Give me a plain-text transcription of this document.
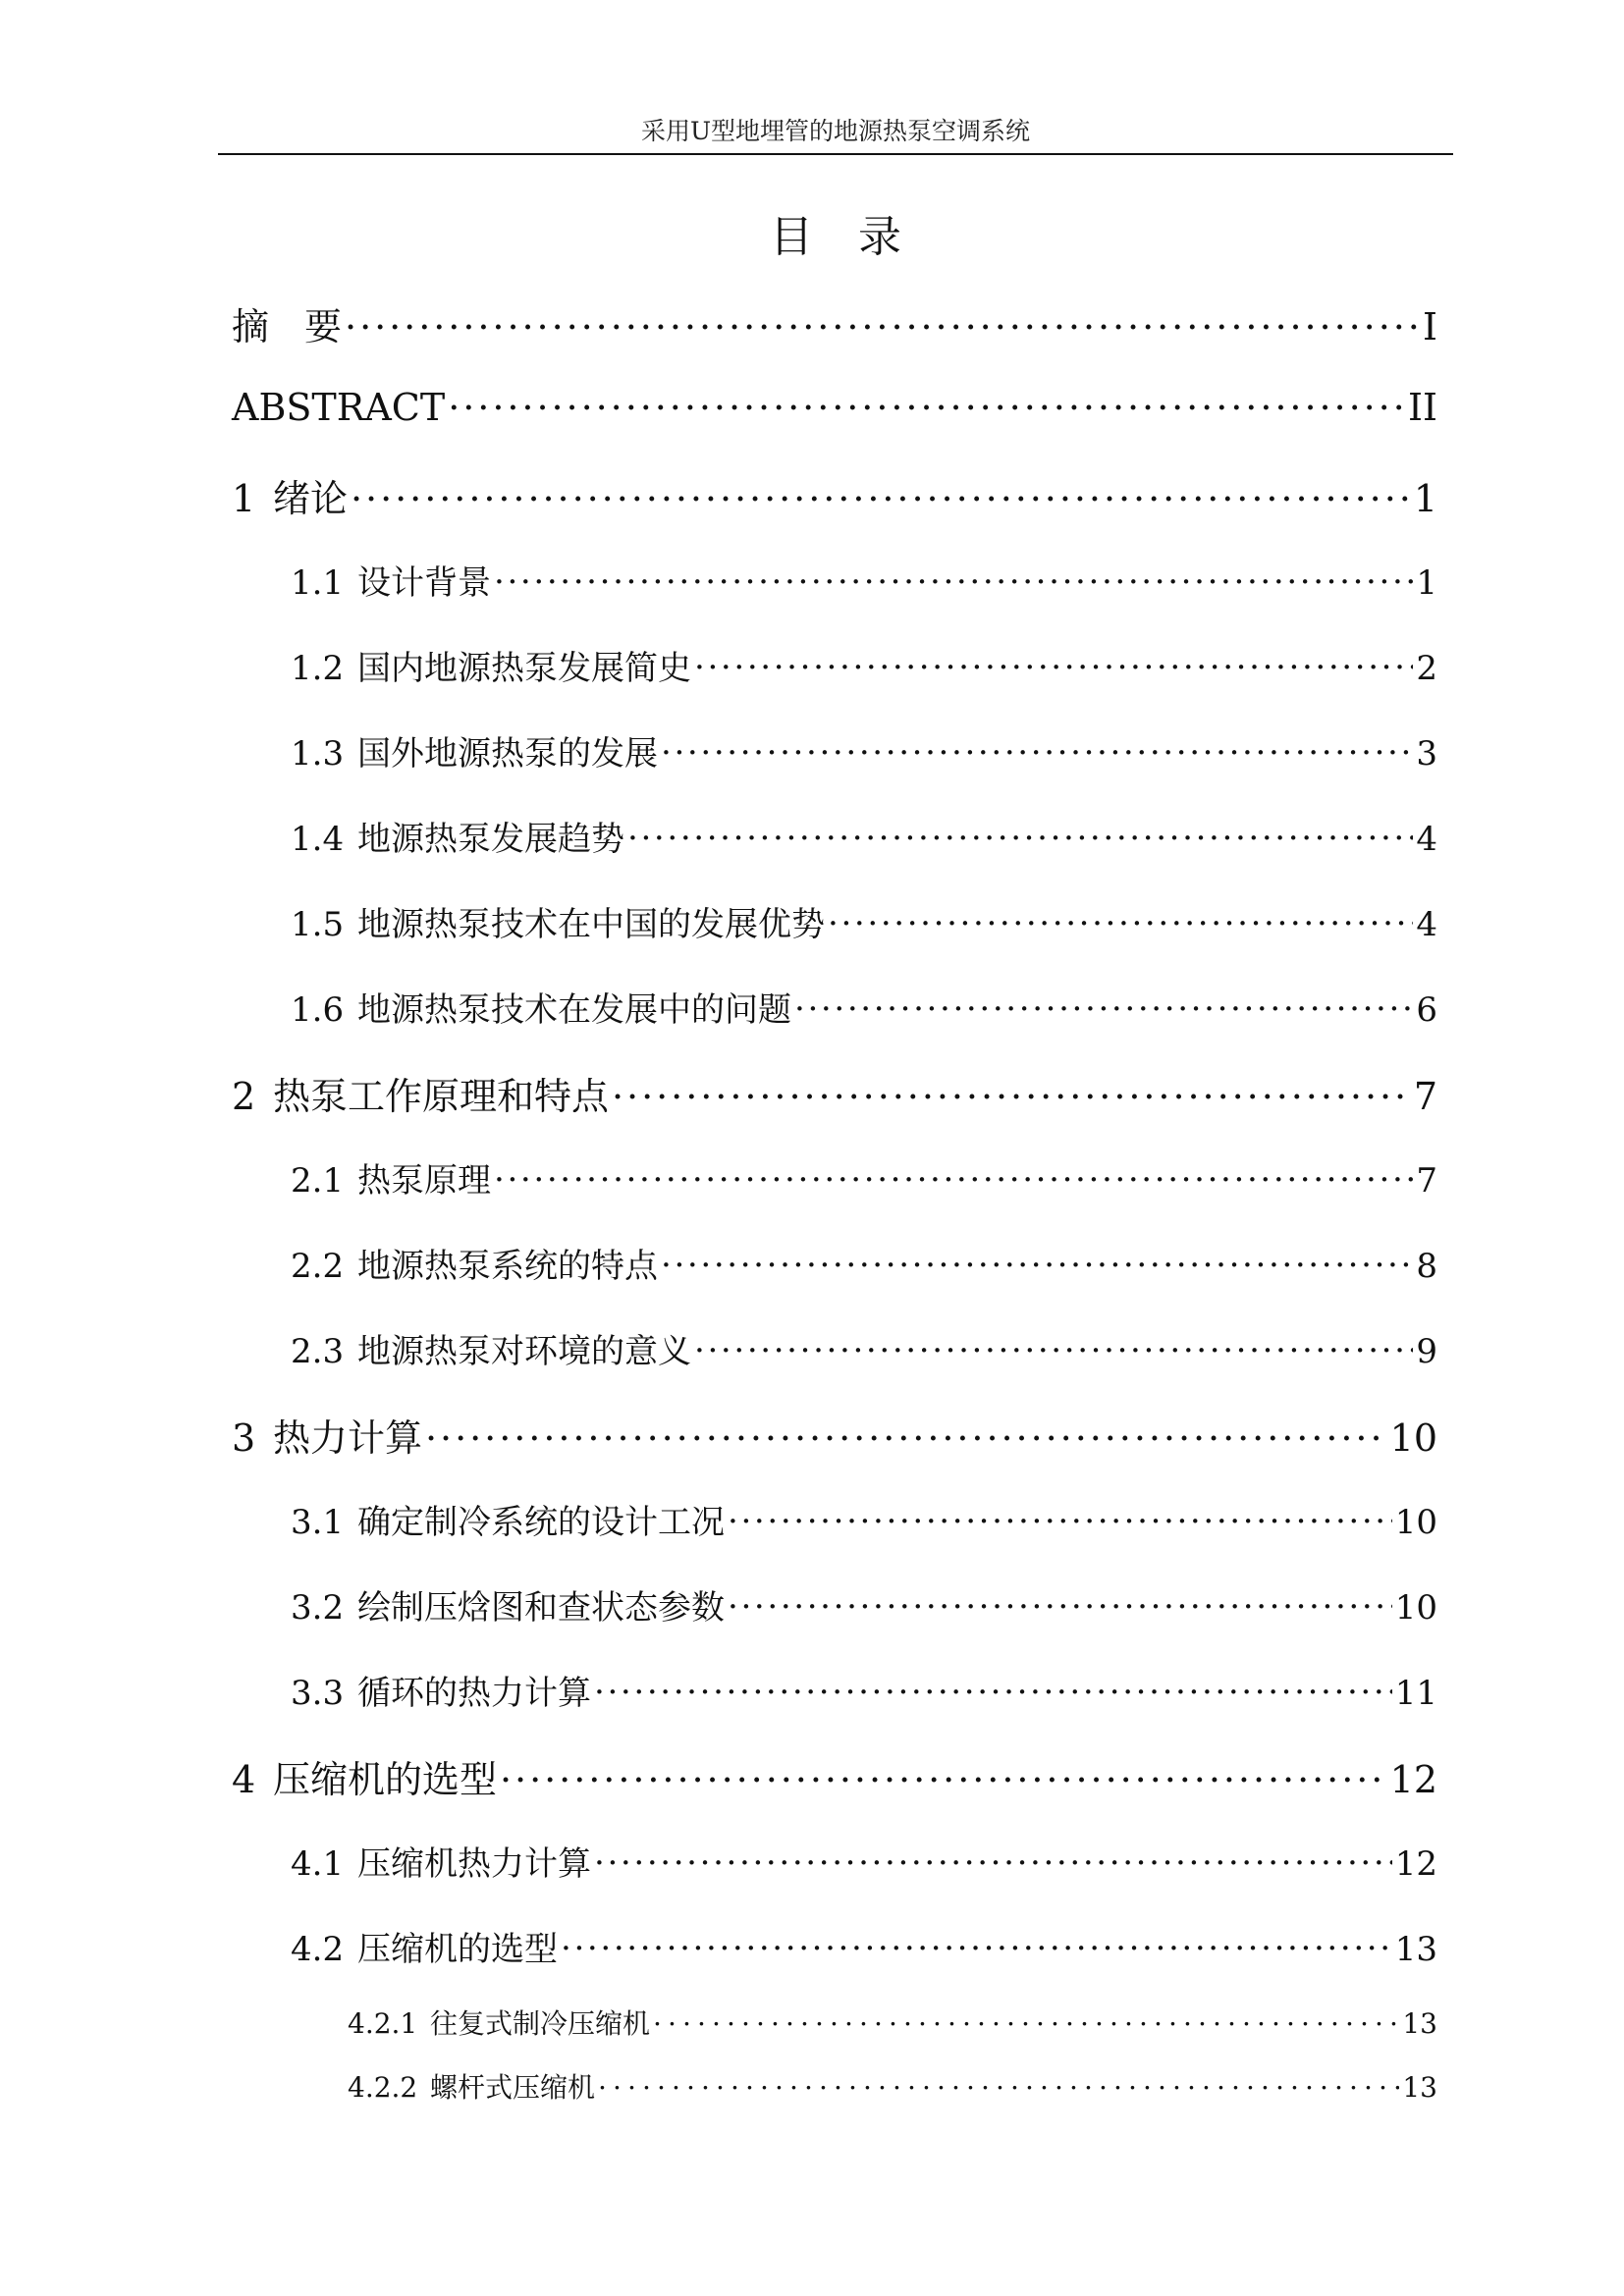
采用U型地埋管的地源热泵空调系统
目录
摘要 . . .	I
ABSTRACT . . .	II
1 绪论 . . .	1
1.1 设计背景 . . .	1
1.2 国内地源热泵发展简史 . . .	2
1.3 国外地源热泵的发展 . . .	3
1.4 地源热泵发展趋势 . . .	4
1.5 地源热泵技术在中国的发展优势 . . .	4
1.6 地源热泵技术在发展中的问题 . . .	6
2 热泵工作原理和特点 . . .	7
2.1 热泵原理 . . .	7
2.2 地源热泵系统的特点 . . .	8
2.3 地源热泵对环境的意义 . . .	9
3 热力计算 . . .	10
3.1 确定制冷系统的设计工况 . . .	10
3.2 绘制压焓图和查状态参数 . . .	10
3.3 循环的热力计算 . . .	11
4 压缩机的选型 . . .	12
4.1 压缩机热力计算 . . .	12
4.2 压缩机的选型 . . .	13
4.2.1 往复式制冷压缩机 . . .	13
4.2.2 螺杆式压缩机 . . .	13
